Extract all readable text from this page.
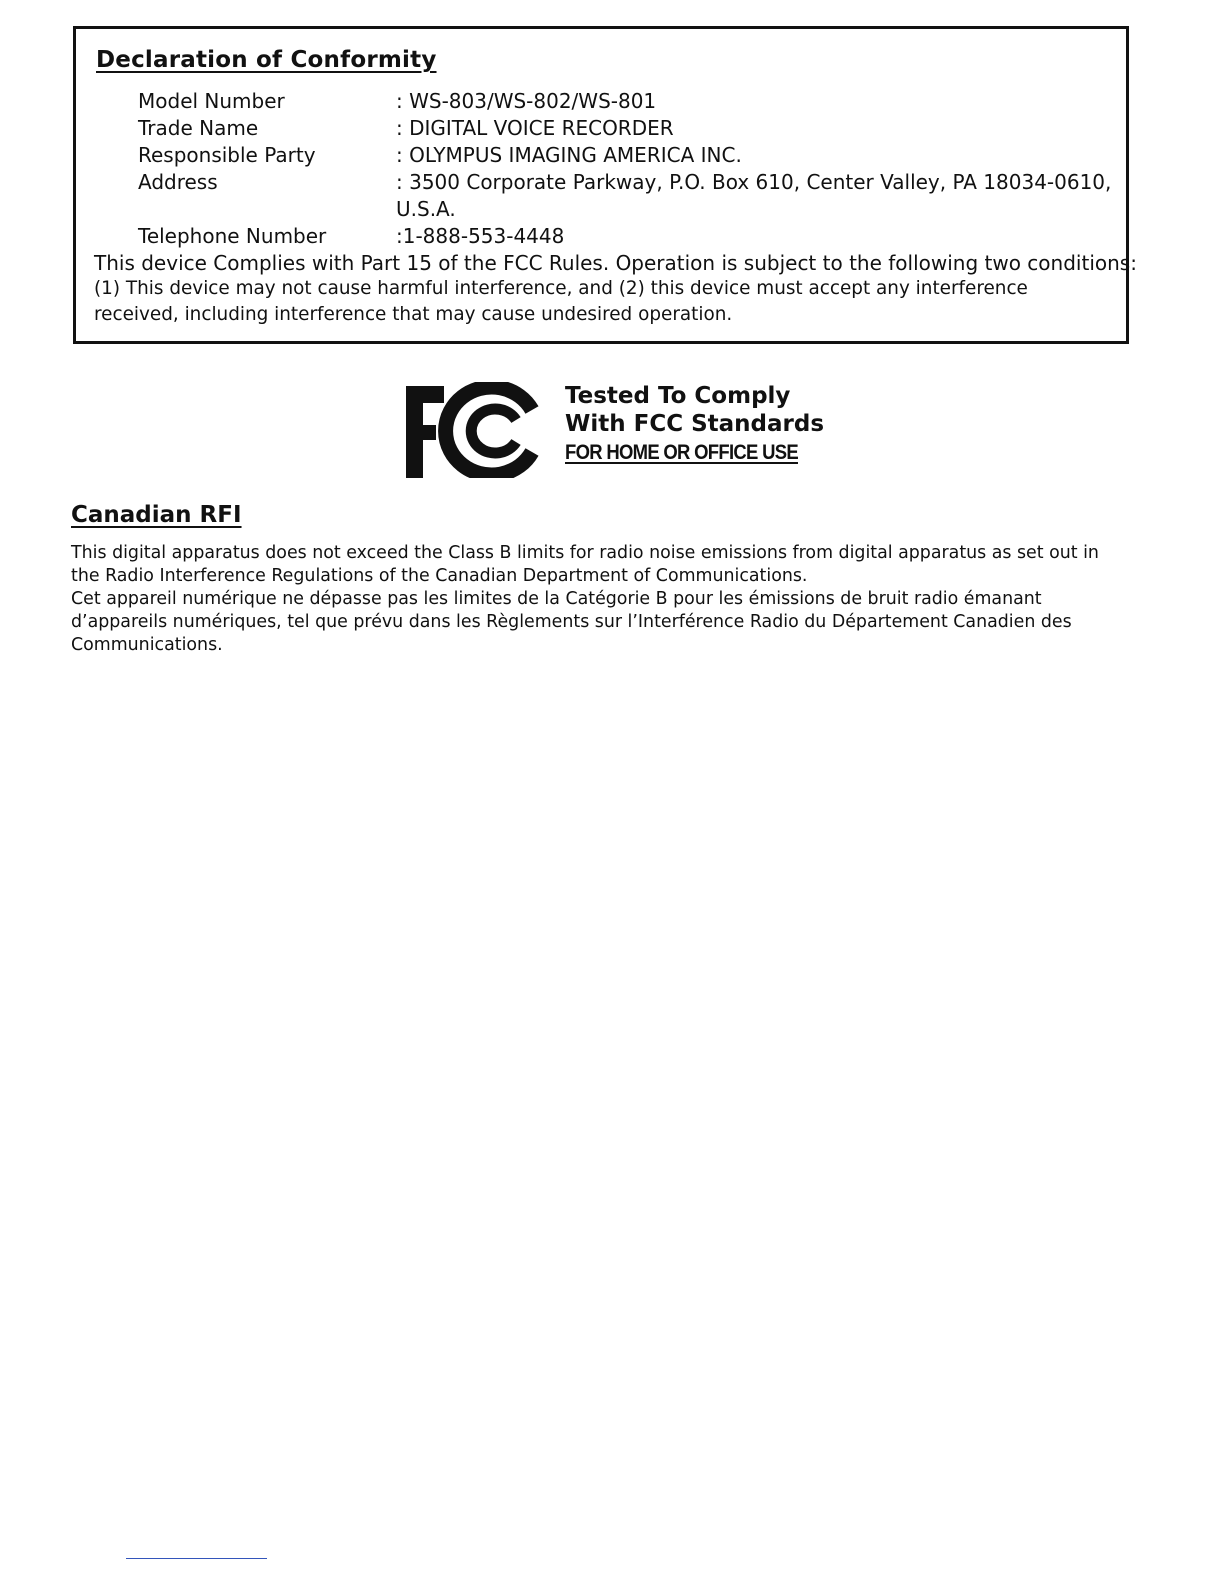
Declaration of Conformity
Model Number	: WS-803/WS-802/WS-801
Trade Name	: DIGITAL VOICE RECORDER
Responsible Party	: OLYMPUS IMAGING AMERICA INC.
Address	: 3500 Corporate Parkway, P.O. Box 610, Center Valley, PA 18034-0610,
U.S.A.
Telephone Number	:1-888-553-4448
This device Complies with Part 15 of the FCC Rules. Operation is subject to the following two conditions:
(1) This device may not cause harmful interference, and (2) this device must accept any interference
received, including interference that may cause undesired operation.
Tested To Comply
With FCC Standards
FOR HOME OR OFFICE USE
Canadian RFI
This digital apparatus does not exceed the Class B limits for radio noise emissions from digital apparatus as set out in
the Radio Interference Regulations of the Canadian Department of Communications.
Cet appareil numérique ne dépasse pas les limites de la Catégorie B pour les émissions de bruit radio émanant
d’appareils numériques, tel que prévu dans les Règlements sur l’Interférence Radio du Département Canadien des
Communications.
